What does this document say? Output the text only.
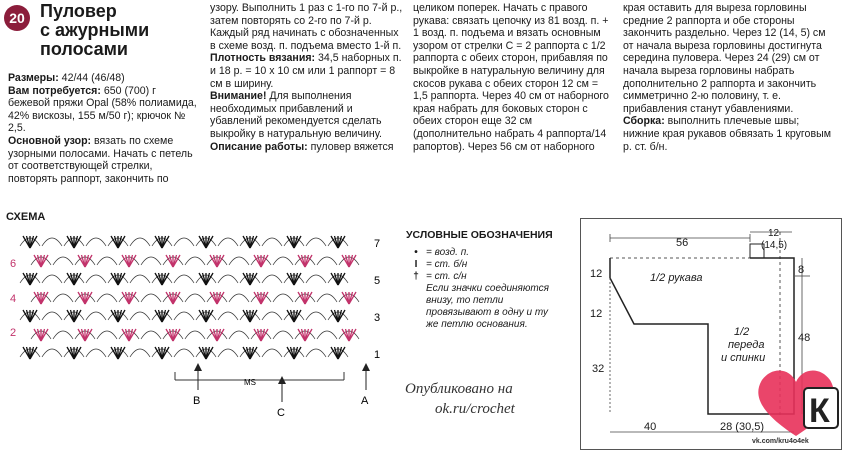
20 Пуловер
с ажурными
полосами

Размеры: 42/44 (46/48)

Вам потребуется: 650 (700) г бежевой пряжи Opal (58% полиамида, 42% вискозы, 155 м/50 г); крючок № 2,5.

Основной узор: вязать по схеме узорными полосами. Начать с петель от соответствующей стрелки, повторять раппорт, закончить по

узору. Выполнить 1 раз с 1-го по 7-й р., затем повторять со 2-го по 7-й р. Каждый ряд начинать с обозначенных в схеме возд. п. подъема вместо 1-й п.

Плотность вязания: 34,5 наборных п. и 18 р. = 10 х 10 см или 1 раппорт = 8 см в ширину.

Внимание! Для выполнения необходимых прибавлений и убавлений рекомендуется сделать выкройку в натуральную величину.

Описание работы: пуловер вяжется

целиком поперек. Начать с правого рукава: связать цепочку из 81 возд. п. + 1 возд. п. подъема и вязать основным узором от стрелки С = 2 раппорта с 1/2 раппорта с обеих сторон, прибавляя по выкройке в натуральную величину для скосов рукава с обеих сторон 12 см = 1,5 раппорта. Через 40 см от наборного края набрать для боковых сторон с обеих сторон еще 32 см (дополнительно набрать 4 раппорта/14 рапортов). Через 56 см от наборного

края оставить для выреза горловины средние 2 раппорта и обе стороны закончить раздельно. Через 12 (14, 5) см от начала выреза горловины достигнута середина пуловера. Через 24 (29) см от начала выреза горловины набрать дополнительно 2 раппорта и закончить симметрично 2-ю половину, т. е. прибавления станут убавлениями.

Сборка: выполнить плечевые швы; нижние края рукавов обвязать 1 круговым р. ст. б/н.

СХЕМА
7
5
3
1
6
4
2
MS
B
C
A
УСЛОВНЫЕ ОБОЗНАЧЕНИЯ
• = возд. п.
І = ст. б/н
† = ст. с/н
Если значки соединяются внизу, то петли провязывают в одну и ту же петлю основания.
Опубликовано на
ok.ru/crochet
56
12
(14,5)
8
12
12
1/2 рукава
1/2
переда
и спинки
48
32
40	28 (30,5) К
vk.com/kru4o4ek
